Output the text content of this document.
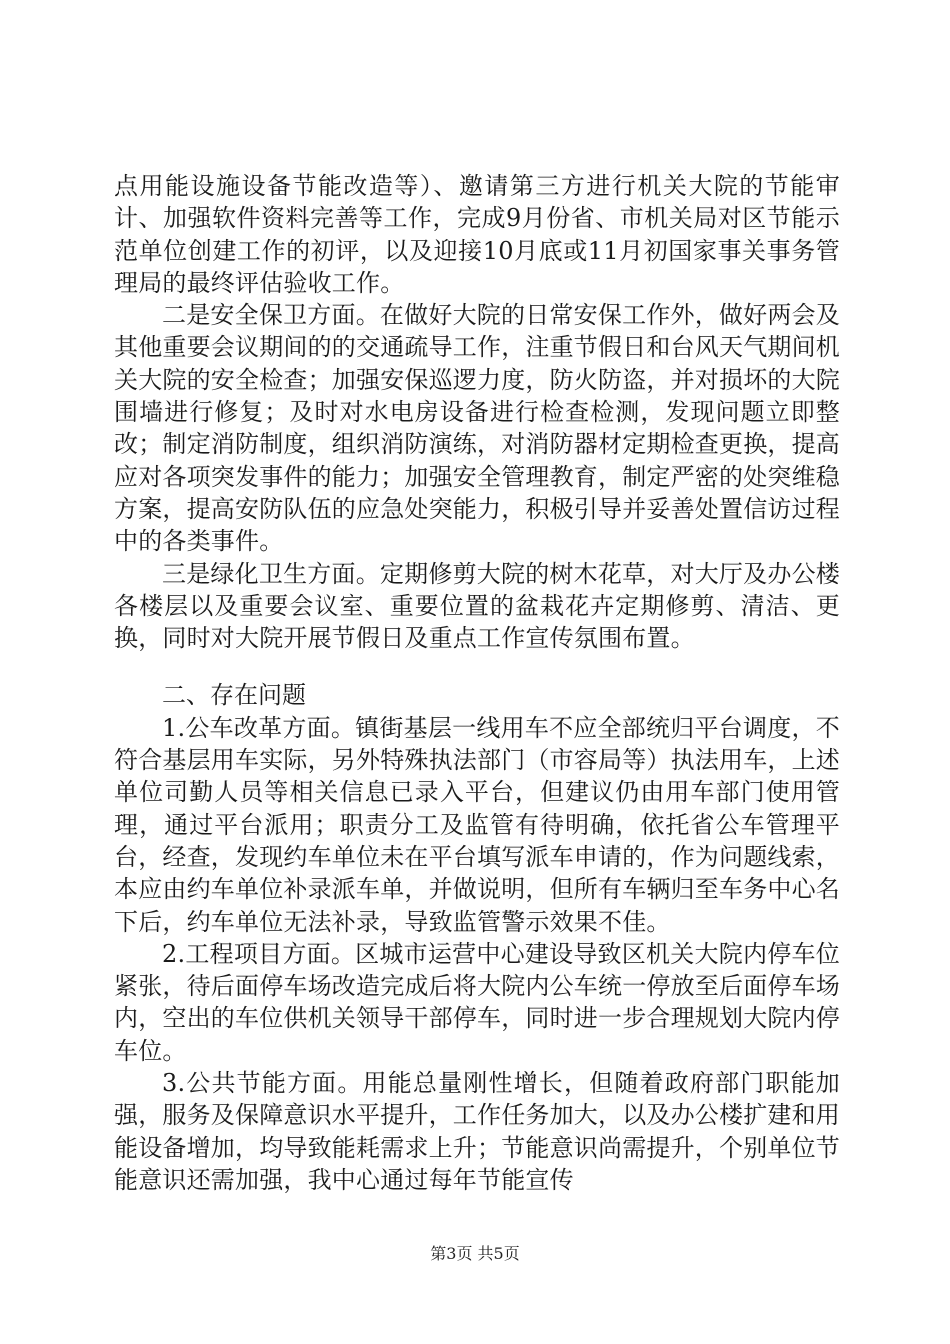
点用能设施设备节能改造等）、邀请第三方进行机关大院的节能审计、加强软件资料完善等工作，完成9月份省、市机关局对区节能示范单位创建工作的初评，以及迎接10月底或11月初国家事关事务管理局的最终评估验收工作。

二是安全保卫方面。在做好大院的日常安保工作外，做好两会及其他重要会议期间的的交通疏导工作，注重节假日和台风天气期间机关大院的安全检查；加强安保巡逻力度，防火防盗，并对损坏的大院围墙进行修复；及时对水电房设备进行检查检测，发现问题立即整改；制定消防制度，组织消防演练，对消防器材定期检查更换，提高应对各项突发事件的能力；加强安全管理教育，制定严密的处突维稳方案，提高安防队伍的应急处突能力，积极引导并妥善处置信访过程中的各类事件。

三是绿化卫生方面。定期修剪大院的树木花草，对大厅及办公楼各楼层以及重要会议室、重要位置的盆栽花卉定期修剪、清洁、更换，同时对大院开展节假日及重点工作宣传氛围布置。

二、存在问题

1.公车改革方面。镇街基层一线用车不应全部统归平台调度，不符合基层用车实际，另外特殊执法部门（市容局等）执法用车，上述单位司勤人员等相关信息已录入平台，但建议仍由用车部门使用管理，通过平台派用；职责分工及监管有待明确，依托省公车管理平台，经查，发现约车单位未在平台填写派车申请的，作为问题线索，本应由约车单位补录派车单，并做说明，但所有车辆归至车务中心名下后，约车单位无法补录，导致监管警示效果不佳。

2.工程项目方面。区城市运营中心建设导致区机关大院内停车位紧张，待后面停车场改造完成后将大院内公车统一停放至后面停车场内，空出的车位供机关领导干部停车，同时进一步合理规划大院内停车位。

3.公共节能方面。用能总量刚性增长，但随着政府部门职能加强，服务及保障意识水平提升，工作任务加大，以及办公楼扩建和用能设备增加，均导致能耗需求上升；节能意识尚需提升，个别单位节能意识还需加强，我中心通过每年节能宣传

第3页 共5页
